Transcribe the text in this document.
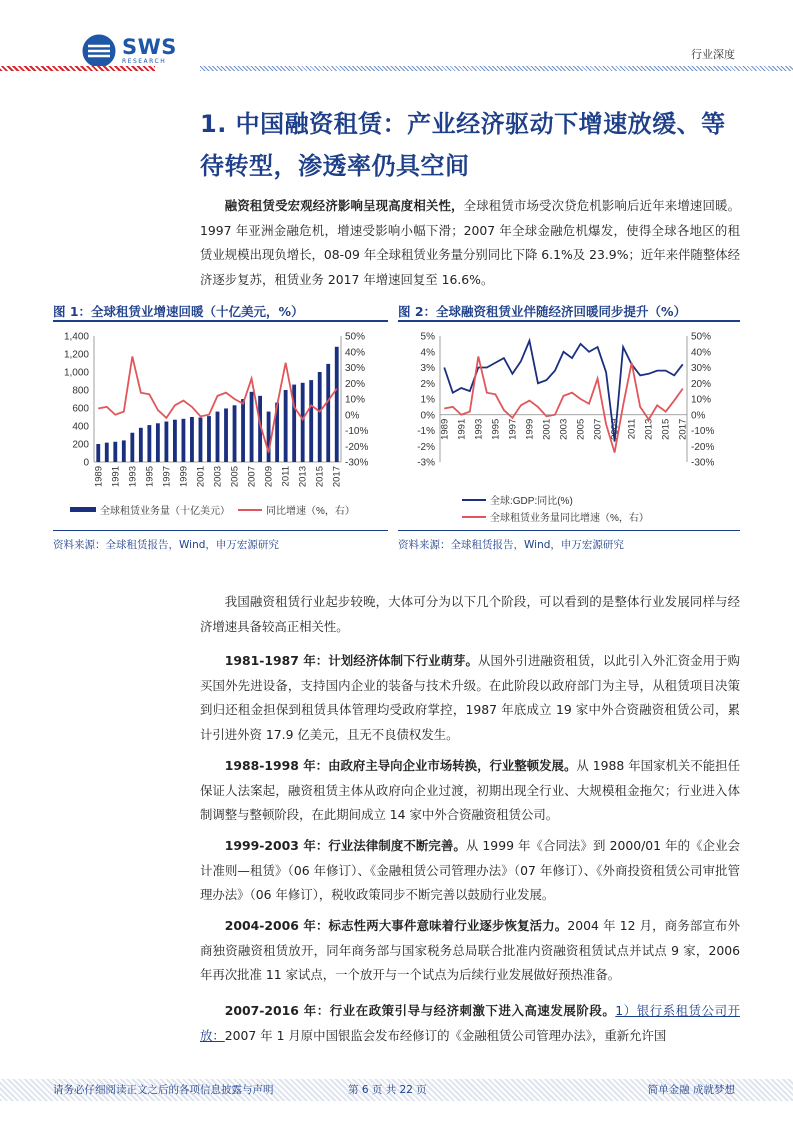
SWS
RESEARCH
行业深度
1. 中国融资租赁：产业经济驱动下增速放缓、等待转型，渗透率仍具空间
融资租赁受宏观经济影响呈现高度相关性，全球租赁市场受次贷危机影响后近年来增速回暖。1997 年亚洲金融危机，增速受影响小幅下滑；2007 年全球金融危机爆发，使得全球各地区的租赁业规模出现负增长，08-09 年全球租赁业务量分别同比下降 6.1%及 23.9%；近年来伴随整体经济逐步复苏，租赁业务 2017 年增速回复至 16.6%。
图 1：全球租赁业增速回暖（十亿美元，%）
0
200
400
600
800
1,000
1,200
1,400
-30%
-20%
-10%
0%
10%
20%
30%
40%
50%
1989 1991 1993 1995 1997 1999 2001 2003 2005 2007 2009 2011 2013 2015 2017
全球租赁业务量（十亿美元）	同比增速（%，右）
资料来源：全球租赁报告，Wind，申万宏源研究
图 2：全球融资租赁业伴随经济回暖同步提升（%）
-3%
-2%
-1%
0%
1%
2%
3%
4%
5%
-30%
-20%
-10%
0%
10%
20%
30%
40%
50%
1989 1991 1993 1995 1997 1999 2001 2003 2005 2007 2009 2011 2013 2015 2017
全球:GDP:同比(%)
全球租赁业务量同比增速（%，右）
资料来源：全球租赁报告，Wind，申万宏源研究
我国融资租赁行业起步较晚，大体可分为以下几个阶段，可以看到的是整体行业发展同样与经济增速具备较高正相关性。
1981-1987 年：计划经济体制下行业萌芽。从国外引进融资租赁，以此引入外汇资金用于购买国外先进设备，支持国内企业的装备与技术升级。在此阶段以政府部门为主导，从租赁项目决策到归还租金担保到租赁具体管理均受政府掌控，1987 年底成立 19 家中外合资融资租赁公司，累计引进外资 17.9 亿美元，且无不良债权发生。
1988-1998 年：由政府主导向企业市场转换，行业整顿发展。从 1988 年国家机关不能担任保证人法案起，融资租赁主体从政府向企业过渡，初期出现全行业、大规模租金拖欠；行业进入体制调整与整顿阶段，在此期间成立 14 家中外合资融资租赁公司。
1999-2003 年：行业法律制度不断完善。从 1999 年《合同法》到 2000/01 年的《企业会计准则—租赁》（06 年修订）、《金融租赁公司管理办法》（07 年修订）、《外商投资租赁公司审批管理办法》（06 年修订），税收政策同步不断完善以鼓励行业发展。
2004-2006 年：标志性两大事件意味着行业逐步恢复活力。2004 年 12 月，商务部宣布外商独资融资租赁放开，同年商务部与国家税务总局联合批准内资融资租赁试点并试点 9 家，2006 年再次批准 11 家试点，一个放开与一个试点为后续行业发展做好预热准备。
2007-2016 年：行业在政策引导与经济刺激下进入高速发展阶段。1）银行系租赁公司开放：2007 年 1 月原中国银监会发布经修订的《金融租赁公司管理办法》，重新允许国
请务必仔细阅读正文之后的各项信息披露与声明	第 6 页 共 22 页	简单金融 成就梦想
